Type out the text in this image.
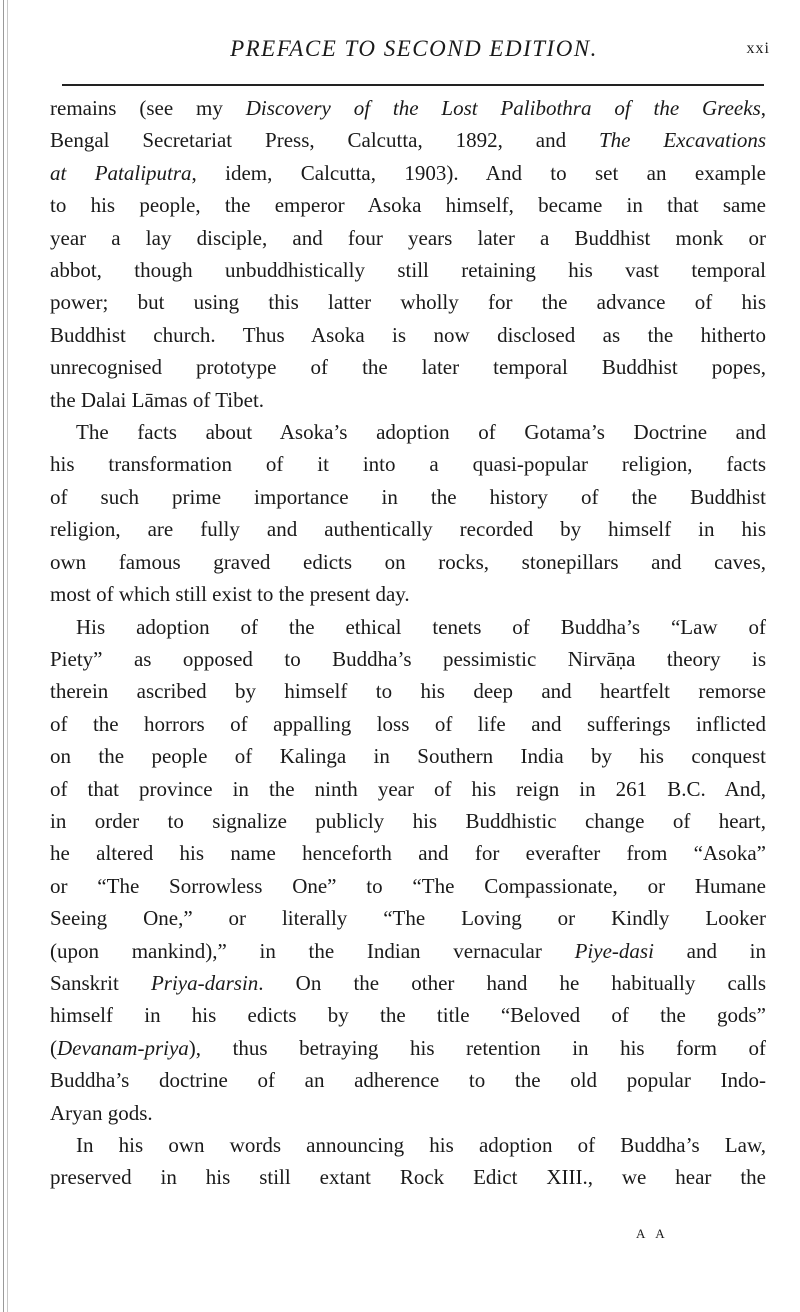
PREFACE TO SECOND EDITION.	xxi
remains (see my Discovery of the Lost Palibothra of the Greeks,
Bengal Secretariat Press, Calcutta, 1892, and The Excavations
at Pataliputra, idem, Calcutta, 1903). And to set an example
to his people, the emperor Asoka himself, became in that same
year a lay disciple, and four years later a Buddhist monk or
abbot, though unbuddhistically still retaining his vast temporal
power; but using this latter wholly for the advance of his
Buddhist church. Thus Asoka is now disclosed as the hitherto
unrecognised prototype of the later temporal Buddhist popes,
the Dalai Lāmas of Tibet.
The facts about Asoka’s adoption of Gotama’s Doctrine and
his transformation of it into a quasi-popular religion, facts
of such prime importance in the history of the Buddhist
religion, are fully and authentically recorded by himself in his
own famous graved edicts on rocks, stonepillars and caves,
most of which still exist to the present day.
His adoption of the ethical tenets of Buddha’s “Law of
Piety” as opposed to Buddha’s pessimistic Nirvāṇa theory is
therein ascribed by himself to his deep and heartfelt remorse
of the horrors of appalling loss of life and sufferings inflicted
on the people of Kalinga in Southern India by his conquest
of that province in the ninth year of his reign in 261 B.C. And,
in order to signalize publicly his Buddhistic change of heart,
he altered his name henceforth and for everafter from “Asoka”
or “The Sorrowless One” to “The Compassionate, or Humane
Seeing One,” or literally “The Loving or Kindly Looker
(upon mankind),” in the Indian vernacular Piye-dasi and in
Sanskrit Priya-darsin. On the other hand he habitually calls
himself in his edicts by the title “Beloved of the gods”
(Devanam-priya), thus betraying his retention in his form of
Buddha’s doctrine of an adherence to the old popular Indo-
Aryan gods.
In his own words announcing his adoption of Buddha’s Law,
preserved in his still extant Rock Edict XIII., we hear the
A A
